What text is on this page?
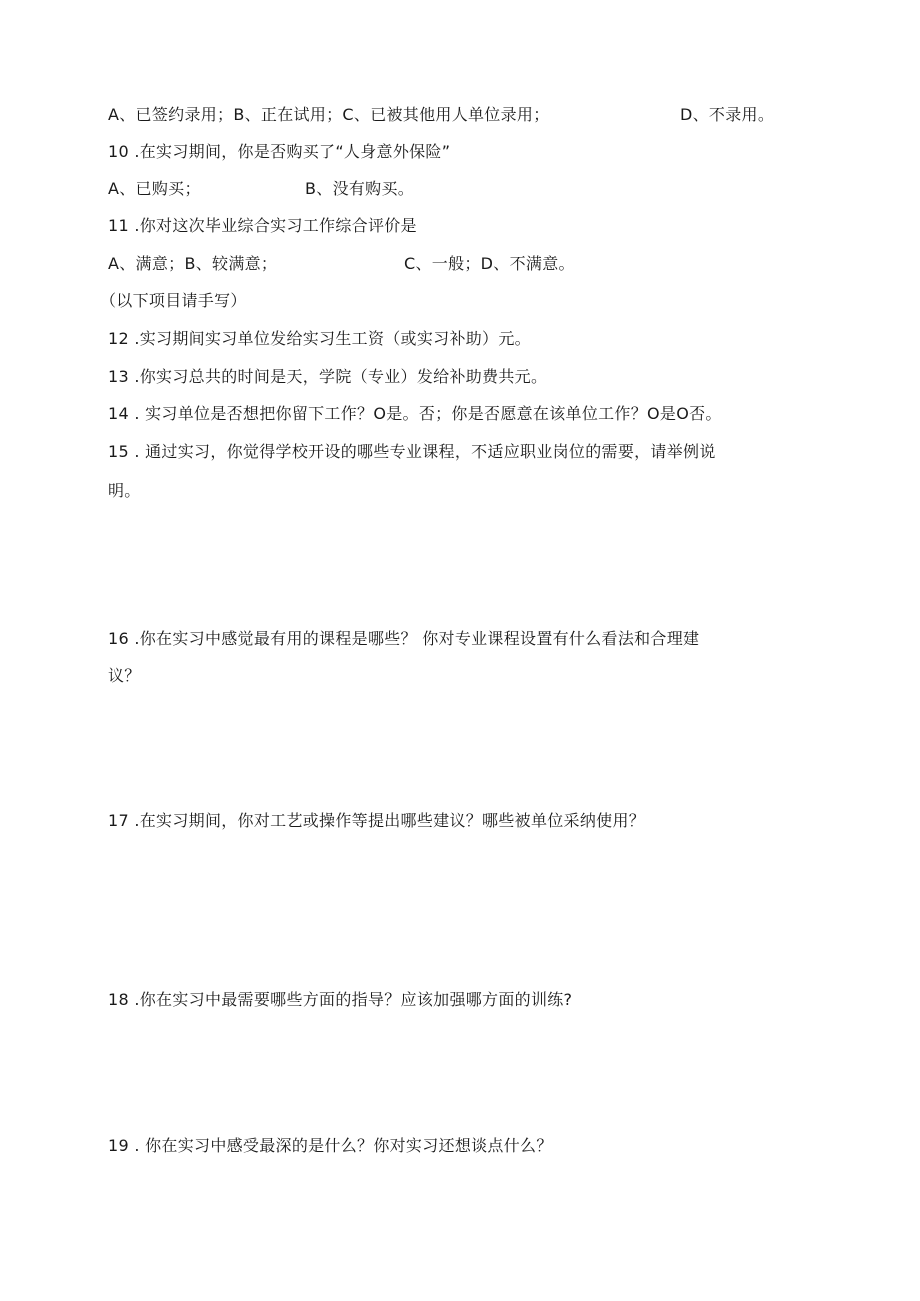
A、已签约录用；B、正在试用；C、已被其他用人单位录用；	D、不录用。
10 .在实习期间，你是否购买了“人身意外保险”
A、已购买；	B、没有购买。
11 .你对这次毕业综合实习工作综合评价是
A、满意；B、较满意；	C、一般；D、不满意。
（以下项目请手写）
12 .实习期间实习单位发给实习生工资（或实习补助）元。
13 .你实习总共的时间是天，学院（专业）发给补助费共元。
14 . 实习单位是否想把你留下工作？O是。否；你是否愿意在该单位工作？O是O否。
15 . 通过实习，你觉得学校开设的哪些专业课程，不适应职业岗位的需要，请举例说
明。
16 .你在实习中感觉最有用的课程是哪些？ 你对专业课程设置有什么看法和合理建
议？
17 .在实习期间，你对工艺或操作等提出哪些建议？哪些被单位采纳使用？
18 .你在实习中最需要哪些方面的指导？应该加强哪方面的训练?
19 . 你在实习中感受最深的是什么？你对实习还想谈点什么？
